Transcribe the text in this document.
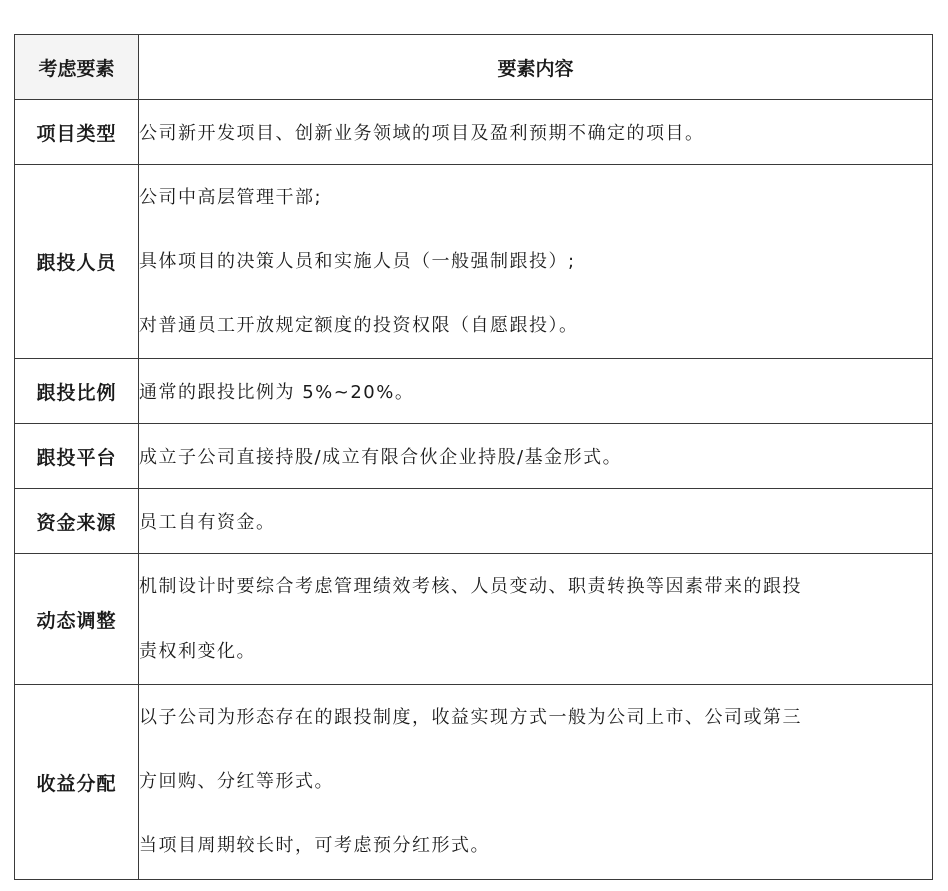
考虑要素	要素内容
项目类型	公司新开发项目、创新业务领域的项目及盈利预期不确定的项目。

跟投人员	公司中高层管理干部;
具体项目的决策人员和实施人员（一般强制跟投）;
对普通员工开放规定额度的投资权限（自愿跟投）。

跟投比例	通常的跟投比例为 5%~20%。

跟投平台	成立子公司直接持股/成立有限合伙企业持股/基金形式。

资金来源	员工自有资金。

动态调整	机制设计时要综合考虑管理绩效考核、人员变动、职责转换等因素带来的跟投
责权利变化。

收益分配	以子公司为形态存在的跟投制度，收益实现方式一般为公司上市、公司或第三
方回购、分红等形式。
当项目周期较长时，可考虑预分红形式。
